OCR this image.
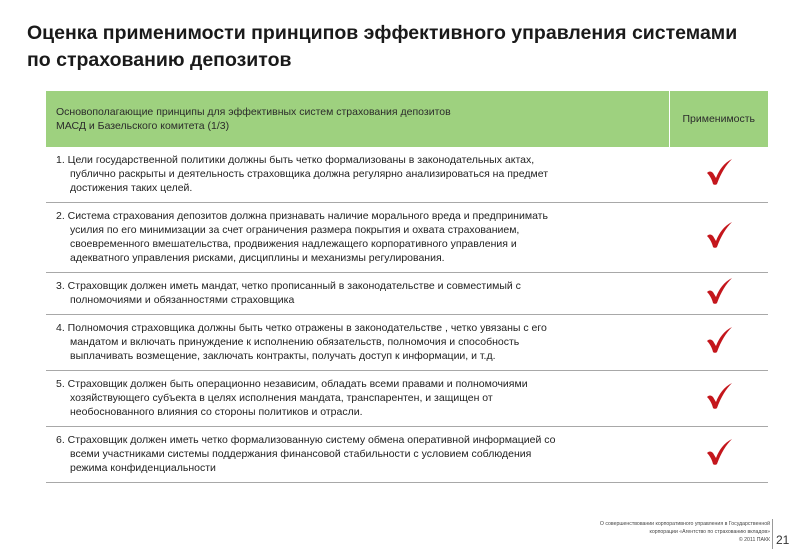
Оценка применимости принципов эффективного управления системами
по страхованию депозитов
Основополагающие принципы для эффективных систем страхования депозитов
МАСД и Базельского комитета (1/3)	Применимость

1. Цели государственной политики должны быть четко формализованы в законодательных актах,
публично раскрыты и деятельность страховщика должна регулярно анализироваться на предмет
достижения таких целей.

2. Система страхования депозитов должна признавать наличие морального вреда и предпринимать
усилия по его минимизации за счет ограничения размера покрытия и охвата страхованием,
своевременного вмешательства, продвижения надлежащего корпоративного управления и
адекватного управления рисками, дисциплины и механизмы регулирования.

3. Страховщик должен иметь мандат, четко прописанный в законодательстве и совместимый с
полномочиями и обязанностями страховщика

4. Полномочия страховщика должны быть четко отражены в законодательстве , четко увязаны с его
мандатом и включать принуждение к исполнению обязательств, полномочия и способность
выплачивать возмещение, заключать контракты, получать доступ к информации, и т.д.

5. Страховщик должен быть операционно независим, обладать всеми правами и полномочиями
хозяйствующего субъекта в целях исполнения мандата, транспарентен, и защищен от
необоснованного влияния со стороны политиков и отрасли.

6. Страховщик должен иметь четко формализованную систему обмена оперативной информацией со
всеми участниками системы поддержания финансовой стабильности с условием соблюдения
режима конфиденциальности

О совершенствовании корпоративного управления в Государственной
корпорации «Агентство по страхованию вкладов»
© 2011 ПАКК 21
